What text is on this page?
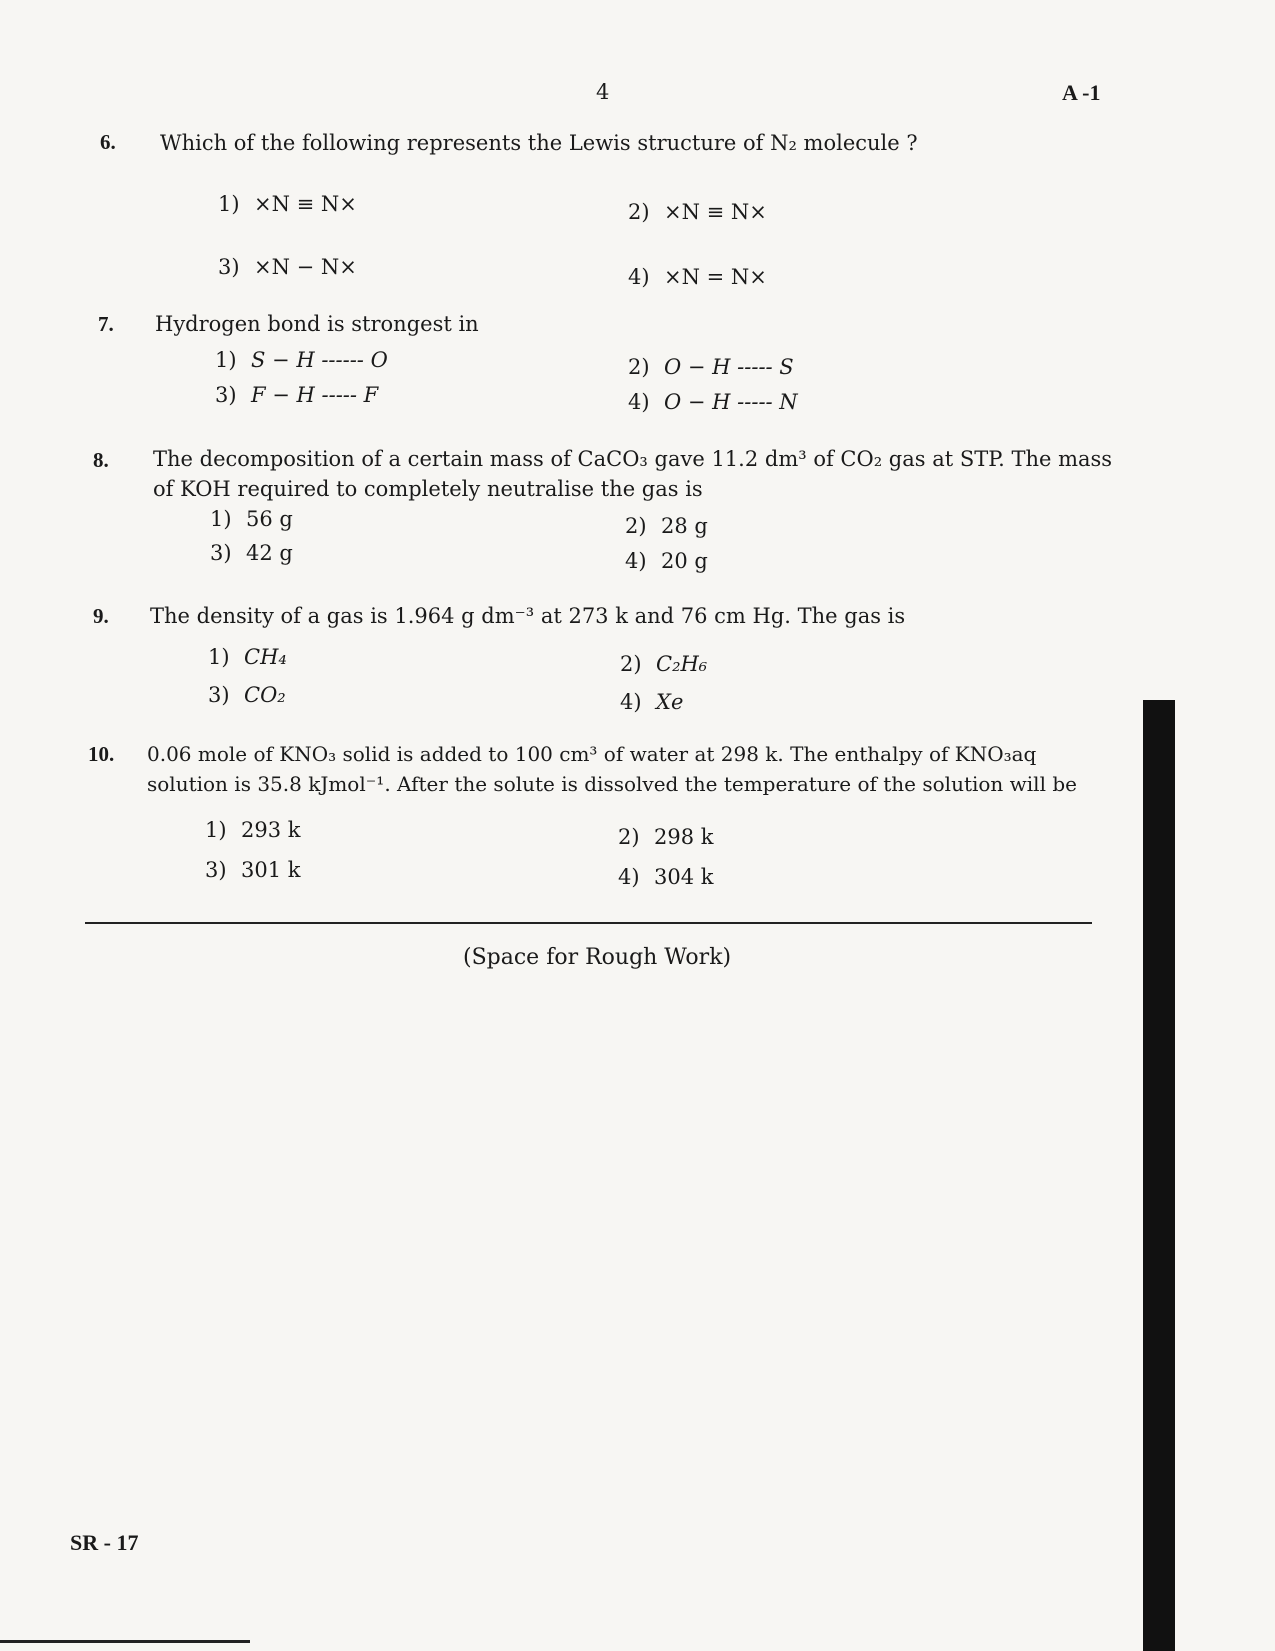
4	A -1
6. Which of the following represents the Lewis structure of N₂ molecule ?
1) ×N ≡ N×	2) ×N ≡ N×
3) ×N − N×	4) ×N = N×
7. Hydrogen bond is strongest in
1) S − H ------ O	2) O − H ----- S
3) F − H ----- F	4) O − H ----- N
8. The decomposition of a certain mass of CaCO₃ gave 11.2 dm³ of CO₂ gas at STP. The mass
of KOH required to completely neutralise the gas is
1) 56 g	2) 28 g
3) 42 g	4) 20 g
9. The density of a gas is 1.964 g dm⁻³ at 273 k and 76 cm Hg. The gas is
1) CH₄	2) C₂H₆
3) CO₂	4) Xe
10. 0.06 mole of KNO₃ solid is added to 100 cm³ of water at 298 k. The enthalpy of KNO₃aq
solution is 35.8 kJmol⁻¹. After the solute is dissolved the temperature of the solution will be
1) 293 k	2) 298 k
3) 301 k	4) 304 k
(Space for Rough Work)
SR - 17
